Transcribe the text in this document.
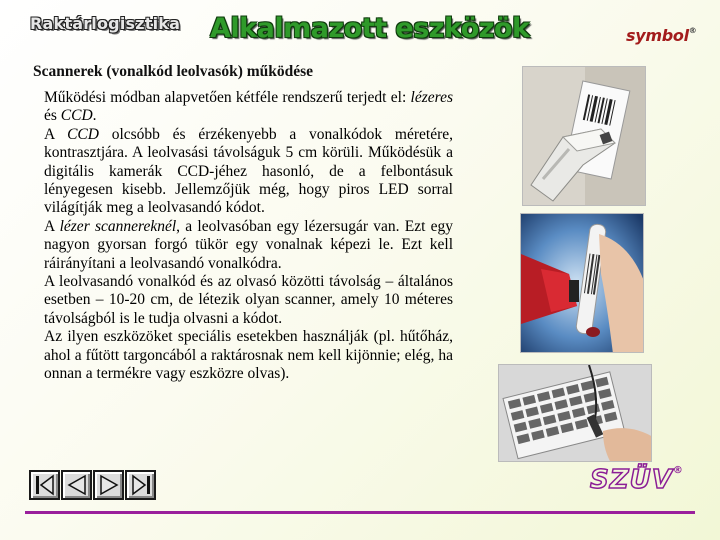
Raktárlogisztika Alkalmazott eszközök	symbol®
Scannerek (vonalkód leolvasók) működése

Működési módban alapvetően kétféle rendszerű terjedt el: lézeres és CCD.

A CCD olcsóbb és érzékenyebb a vonalkódok méretére, kontrasztjára. A leolvasási távolságuk 5 cm körüli. Működésük a digitális kamerák CCD-jéhez hasonló, de a felbontásuk lényegesen kisebb. Jellemzőjük még, hogy piros LED sorral világítják meg a leolvasandó kódot.

A lézer scannereknél, a leolvasóban egy lézersugár van. Ezt egy nagyon gyorsan forgó tükör egy vonalnak képezi le. Ezt kell ráirányítani a leolvasandó vonalkódra.

A leolvasandó vonalkód és az olvasó közötti távolság – általános esetben – 10-20 cm, de létezik olyan scanner, amely 10 méteres távolságból is le tudja olvasni a kódot.

Az ilyen eszközöket speciális esetekben használják (pl. hűtőház, ahol a fűtött targoncából a raktárosnak nem kell kijönnie; elég, ha onnan a termékre vagy eszközre olvas).

SZÜV®
